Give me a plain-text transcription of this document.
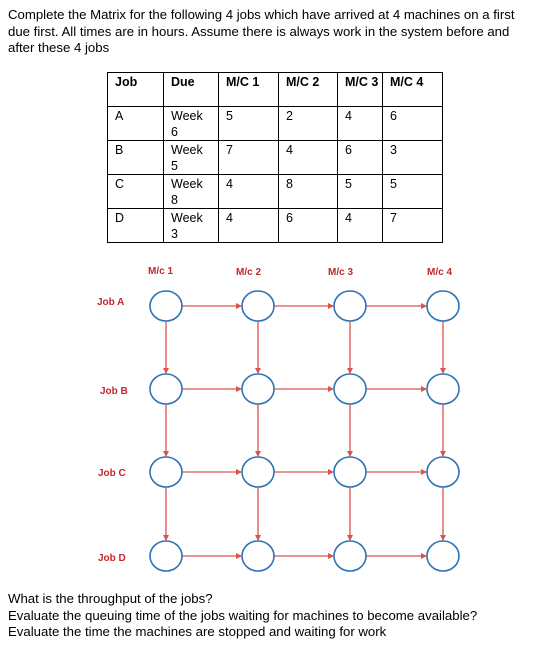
Complete the Matrix for the following 4 jobs which have arrived at 4 machines on a first due first. All times are in hours. Assume there is always work in the system before and after these 4 jobs

Job	Due	M/C 1	M/C 2	M/C 3	M/C 4
A	Week 6	5	2	4	6
B	Week 5	7	4	6	3
C	Week 8	4	8	5	5
D	Week 3	4	6	4	7
M/c 1	M/c 2	M/c 3	M/c 4
Job A
Job B
Job C
Job D

What is the throughput of the jobs?

Evaluate the queuing time of the jobs waiting for machines to become available?

Evaluate the time the machines are stopped and waiting for work
